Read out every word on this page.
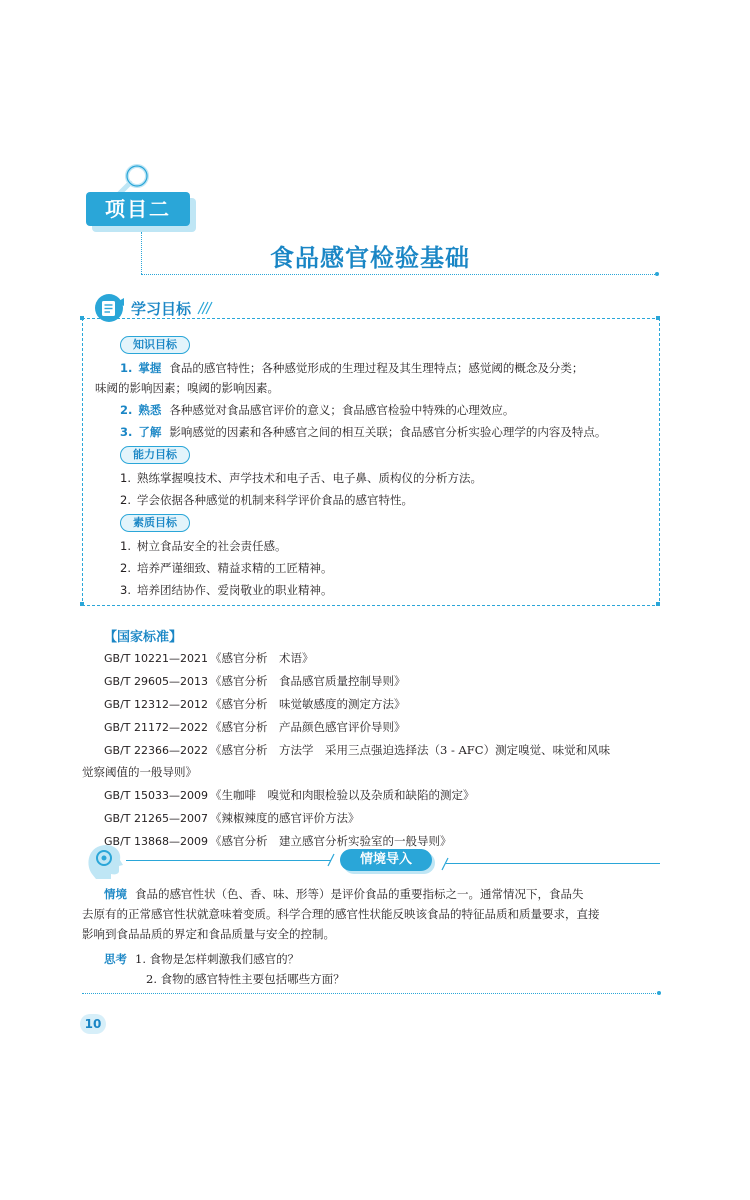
项目二
食品感官检验基础
学习目标
知识目标
1. 掌握 食品的感官特性；各种感觉形成的生理过程及其生理特点；感觉阈的概念及分类；
味阈的影响因素；嗅阈的影响因素。
2. 熟悉 各种感觉对食品感官评价的意义；食品感官检验中特殊的心理效应。
3. 了解 影响感觉的因素和各种感官之间的相互关联；食品感官分析实验心理学的内容及特点。
能力目标
1. 熟练掌握嗅技术、声学技术和电子舌、电子鼻、质构仪的分析方法。
2. 学会依据各种感觉的机制来科学评价食品的感官特性。
素质目标
1. 树立食品安全的社会责任感。
2. 培养严谨细致、精益求精的工匠精神。
3. 培养团结协作、爱岗敬业的职业精神。
【国家标准】
GB/T 10221—2021 《感官分析　术语》
GB/T 29605—2013 《感官分析　食品感官质量控制导则》
GB/T 12312—2012 《感官分析　味觉敏感度的测定方法》
GB/T 21172—2022 《感官分析　产品颜色感官评价导则》
GB/T 22366—2022 《感官分析　方法学　采用三点强迫选择法（3 - AFC）测定嗅觉、味觉和风味
觉察阈值的一般导则》
GB/T 15033—2009 《生咖啡　嗅觉和肉眼检验以及杂质和缺陷的测定》
GB/T 21265—2007 《辣椒辣度的感官评价方法》
GB/T 13868—2009 《感官分析　建立感官分析实验室的一般导则》
情境导入
情境 食品的感官性状（色、香、味、形等）是评价食品的重要指标之一。通常情况下，食品失
去原有的正常感官性状就意味着变质。科学合理的感官性状能反映该食品的特征品质和质量要求，直接
影响到食品品质的界定和食品质量与安全的控制。
思考 1. 食物是怎样刺激我们感官的？
2. 食物的感官特性主要包括哪些方面？
10
